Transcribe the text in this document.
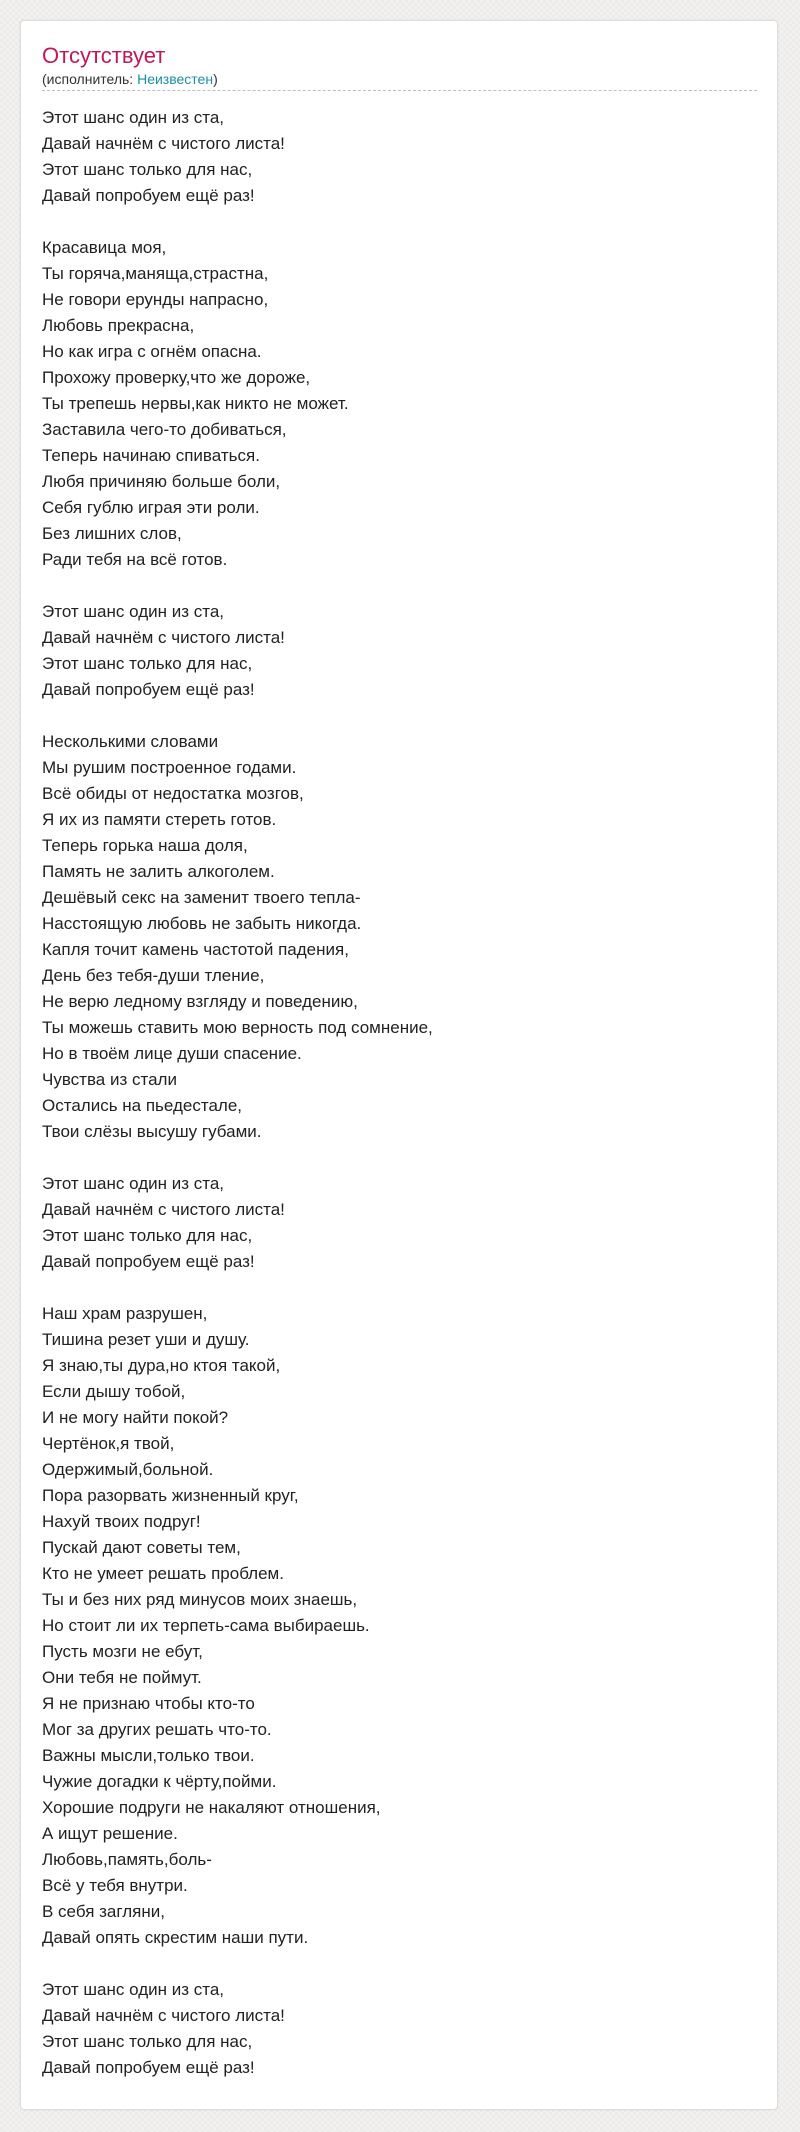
Отсутствует
(исполнитель: Неизвестен)
Этот шанс один из ста,
Давай начнём с чистого листа!
Этот шанс только для нас,
Давай попробуем ещё раз!
Красавица моя,
Ты горяча,маняща,страстна,
Не говори ерунды напрасно,
Любовь прекрасна,
Но как игра с огнём опасна.
Прохожу проверку,что же дороже,
Ты трепешь нервы,как никто не может.
Заставила чего-то добиваться,
Теперь начинаю спиваться.
Любя причиняю больше боли,
Себя гублю играя эти роли.
Без лишних слов,
Ради тебя на всё готов.
Этот шанс один из ста,
Давай начнём с чистого листа!
Этот шанс только для нас,
Давай попробуем ещё раз!
Несколькими словами
Мы рушим построенное годами.
Всё обиды от недостатка мозгов,
Я их из памяти стереть готов.
Теперь горька наша доля,
Память не залить алкоголем.
Дешёвый секс на заменит твоего тепла-
Насстоящую любовь не забыть никогда.
Капля точит камень частотой падения,
День без тебя-души тление,
Не верю ледному взгляду и поведению,
Ты можешь ставить мою верность под сомнение,
Но в твоём лице души спасение.
Чувства из стали
Остались на пьедестале,
Твои слёзы высушу губами.
Этот шанс один из ста,
Давай начнём с чистого листа!
Этот шанс только для нас,
Давай попробуем ещё раз!
Наш храм разрушен,
Тишина резет уши и душу.
Я знаю,ты дура,но ктоя такой,
Если дышу тобой,
И не могу найти покой?
Чертёнок,я твой,
Одержимый,больной.
Пора разорвать жизненный круг,
Нахуй твоих подруг!
Пускай дают советы тем,
Кто не умеет решать проблем.
Ты и без них ряд минусов моих знаешь,
Но стоит ли их терпеть-сама выбираешь.
Пусть мозги не ебут,
Они тебя не поймут.
Я не признаю чтобы кто-то
Мог за других решать что-то.
Важны мысли,только твои.
Чужие догадки к чёрту,пойми.
Хорошие подруги не накаляют отношения,
А ищут решение.
Любовь,память,боль-
Всё у тебя внутри.
В себя загляни,
Давай опять скрестим наши пути.
Этот шанс один из ста,
Давай начнём с чистого листа!
Этот шанс только для нас,
Давай попробуем ещё раз!
